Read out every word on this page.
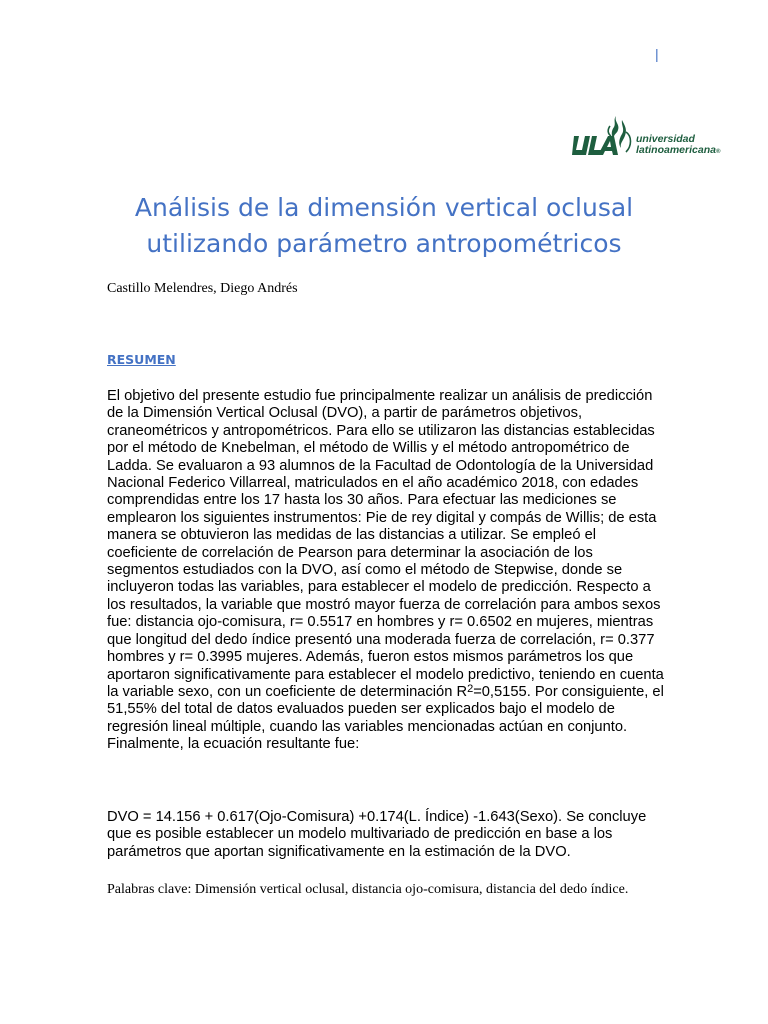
|
universidad
latinoamericana®
Análisis de la dimensión vertical oclusal
utilizando parámetro antropométricos
Castillo Melendres, Diego Andrés
RESUMEN

El objetivo del presente estudio fue principalmente realizar un análisis de predicción de la Dimensión Vertical Oclusal (DVO), a partir de parámetros objetivos, craneométricos y antropométricos. Para ello se utilizaron las distancias establecidas por el método de Knebelman, el método de Willis y el método antropométrico de Ladda. Se evaluaron a 93 alumnos de la Facultad de Odontología de la Universidad Nacional Federico Villarreal, matriculados en el año académico 2018, con edades comprendidas entre los 17 hasta los 30 años. Para efectuar las mediciones se emplearon los siguientes instrumentos: Pie de rey digital y compás de Willis; de esta manera se obtuvieron las medidas de las distancias a utilizar. Se empleó el coeficiente de correlación de Pearson para determinar la asociación de los segmentos estudiados con la DVO, así como el método de Stepwise, donde se incluyeron todas las variables, para establecer el modelo de predicción. Respecto a los resultados, la variable que mostró mayor fuerza de correlación para ambos sexos fue: distancia ojo-comisura, r= 0.5517 en hombres y r= 0.6502 en mujeres, mientras que longitud del dedo índice presentó una moderada fuerza de correlación, r= 0.377 hombres y r= 0.3995 mujeres. Además, fueron estos mismos parámetros los que aportaron significativamente para establecer el modelo predictivo, teniendo en cuenta la variable sexo, con un coeficiente de determinación $R^2=0,5155$. Por consiguiente, el 51,55% del total de datos evaluados pueden ser explicados bajo el modelo de regresión lineal múltiple, cuando las variables mencionadas actúan en conjunto. Finalmente, la ecuación resultante fue:

DVO = 14.156 + 0.617(Ojo-Comisura) +0.174(L. Índice) -1.643(Sexo). Se concluye que es posible establecer un modelo multivariado de predicción en base a los parámetros que aportan significativamente en la estimación de la DVO.

Palabras clave: Dimensión vertical oclusal, distancia ojo-comisura, distancia del dedo índice.
